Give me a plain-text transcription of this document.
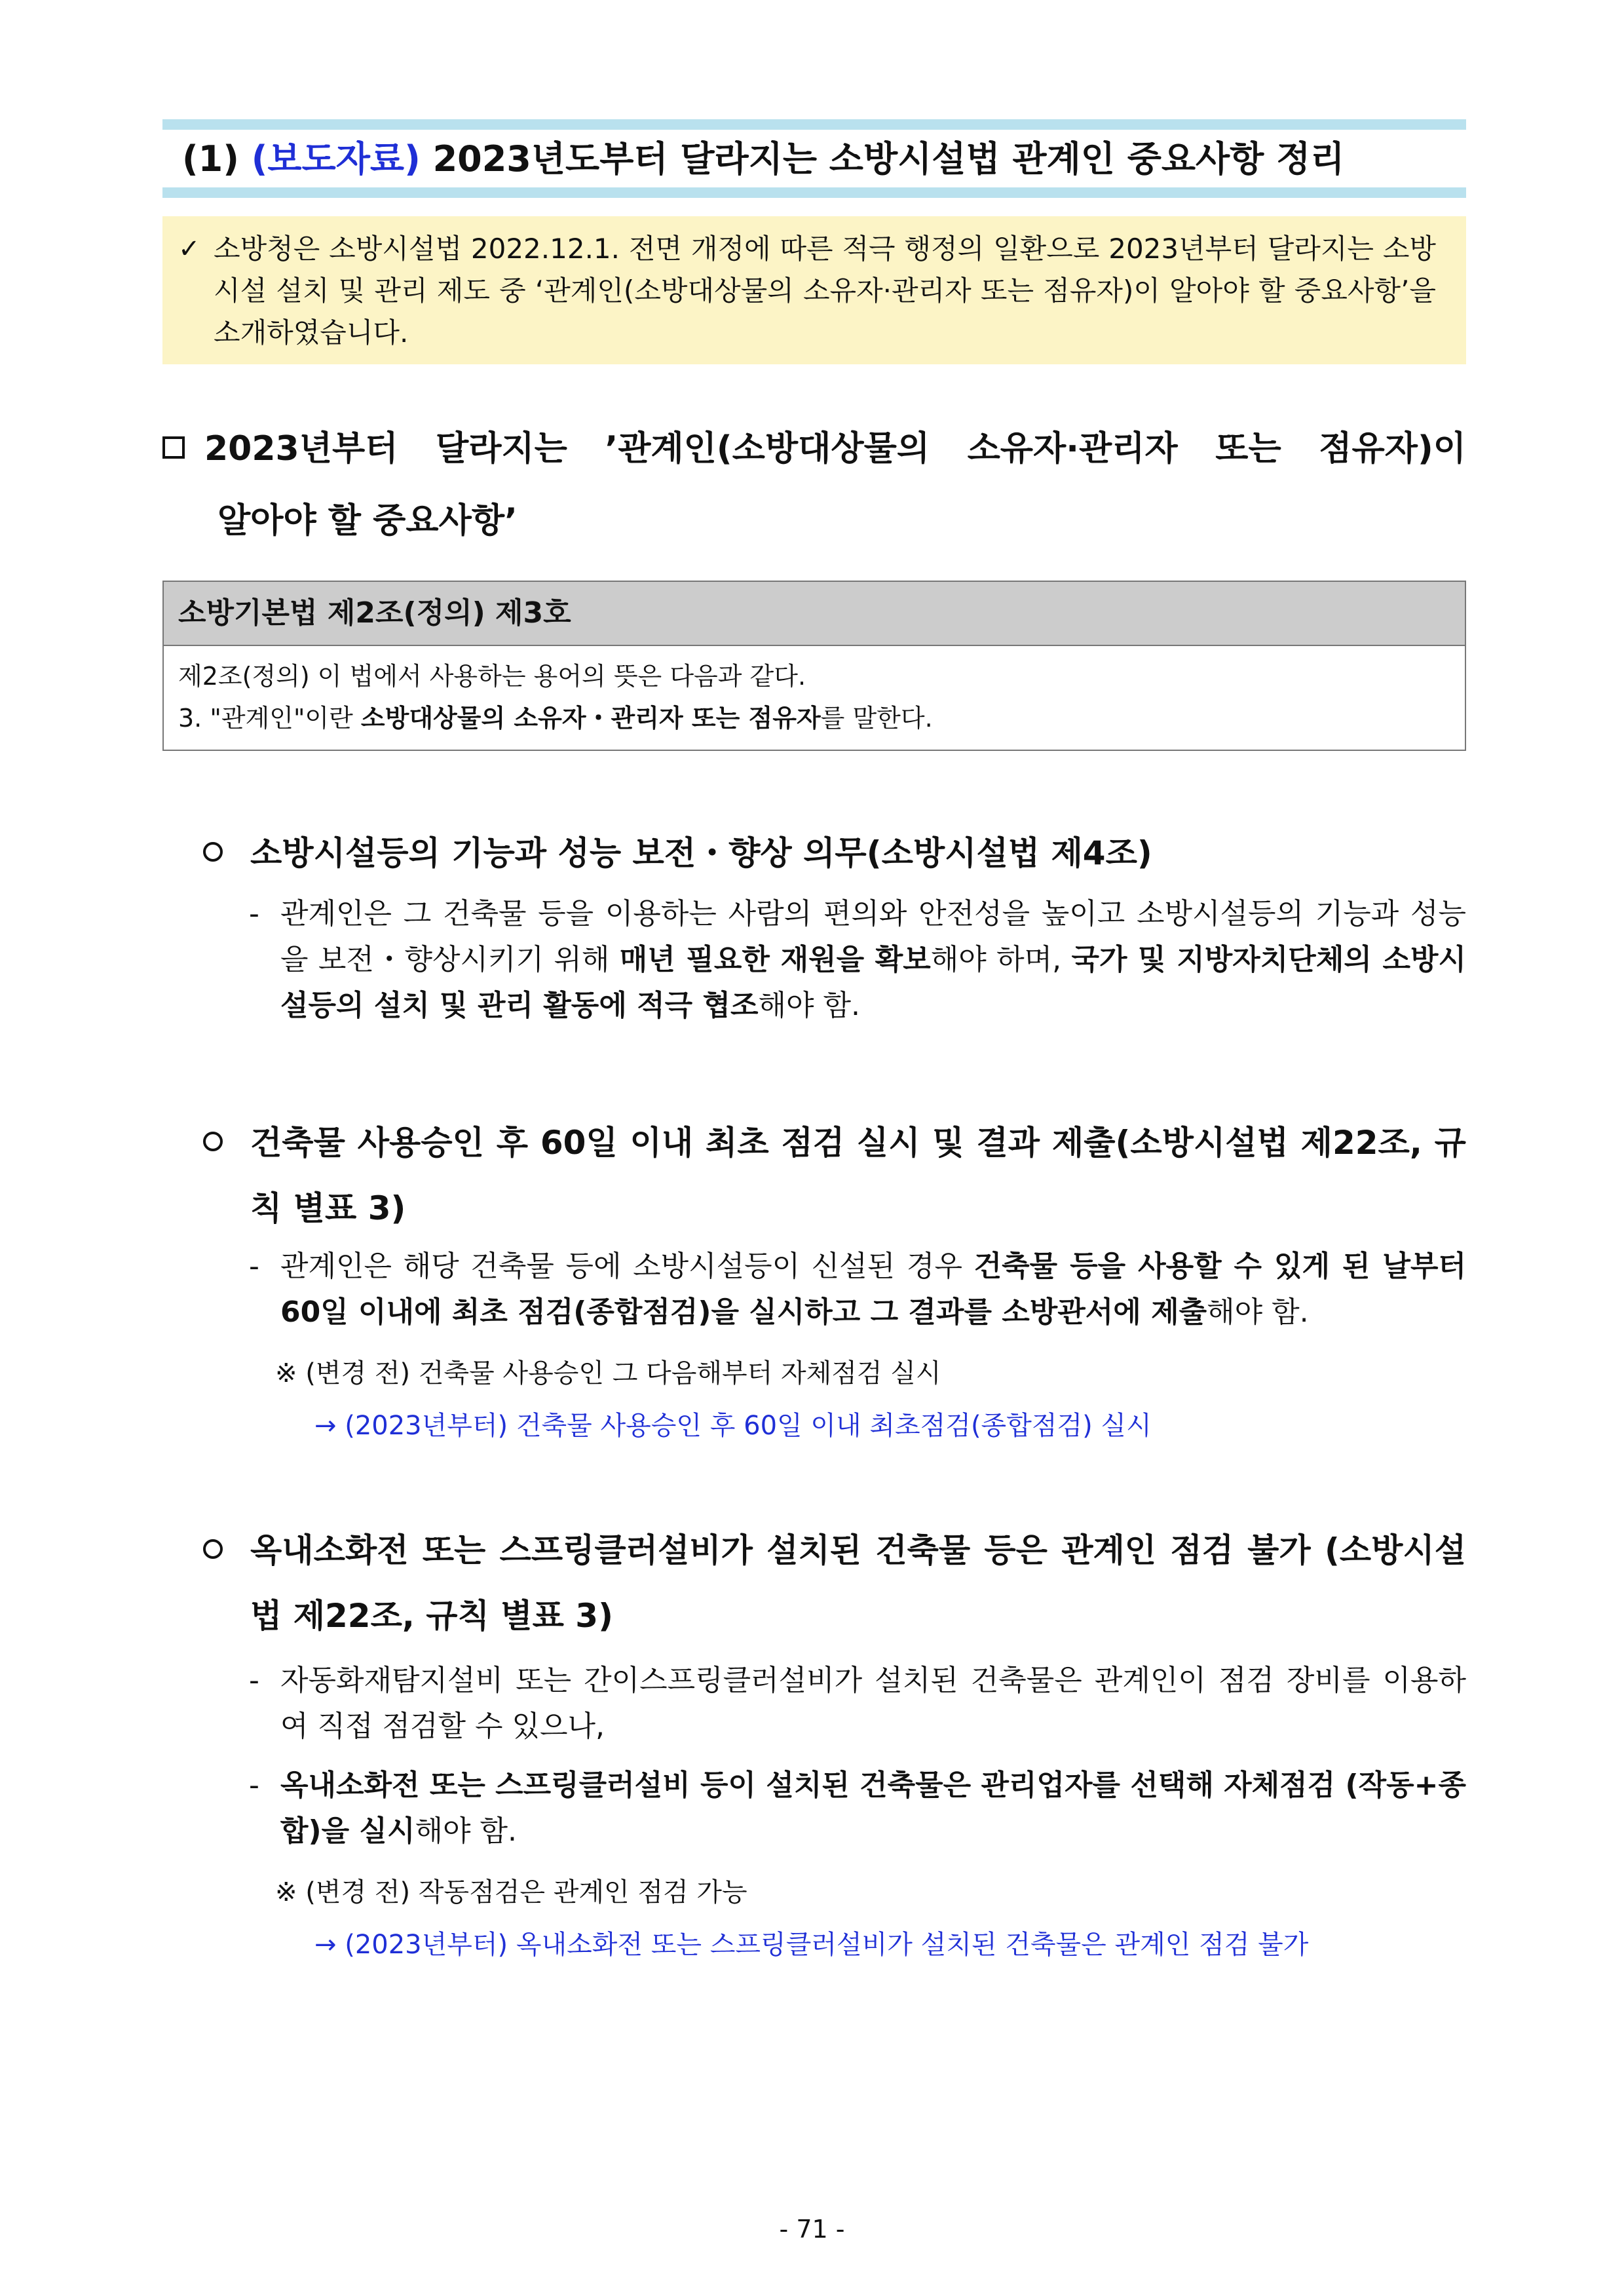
(1) (보도자료) 2023년도부터 달라지는 소방시설법 관계인 중요사항 정리
✓ 소방청은 소방시설법 2022.12.1. 전면 개정에 따른 적극 행정의 일환으로 2023년부터 달라지는 소방시설 설치 및 관리 제도 중 ‘관계인(소방대상물의 소유자·관리자 또는 점유자)이 알아야 할 중요사항’을 소개하였습니다.
2023년부터 달라지는 ’관계인(소방대상물의 소유자·관리자 또는 점유자)이
알아야 할 중요사항’
소방기본법 제2조(정의) 제3호
제2조(정의) 이 법에서 사용하는 용어의 뜻은 다음과 같다.
3. "관계인"이란 소방대상물의 소유자・관리자 또는 점유자를 말한다.
소방시설등의 기능과 성능 보전・향상 의무(소방시설법 제4조)
- 관계인은 그 건축물 등을 이용하는 사람의 편의와 안전성을 높이고 소방시설등의 기능과 성능을 보전・향상시키기 위해 매년 필요한 재원을 확보해야 하며, 국가 및 지방자치단체의 소방시설등의 설치 및 관리 활동에 적극 협조해야 함.
건축물 사용승인 후 60일 이내 최초 점검 실시 및 결과 제출(소방시설법 제22조, 규칙 별표 3)
- 관계인은 해당 건축물 등에 소방시설등이 신설된 경우 건축물 등을 사용할 수 있게 된 날부터 60일 이내에 최초 점검(종합점검)을 실시하고 그 결과를 소방관서에 제출해야 함.
※ (변경 전) 건축물 사용승인 그 다음해부터 자체점검 실시
→ (2023년부터) 건축물 사용승인 후 60일 이내 최초점검(종합점검) 실시
옥내소화전 또는 스프링클러설비가 설치된 건축물 등은 관계인 점검 불가 (소방시설법 제22조, 규칙 별표 3)
- 자동화재탐지설비 또는 간이스프링클러설비가 설치된 건축물은 관계인이 점검 장비를 이용하여 직접 점검할 수 있으나,
- 옥내소화전 또는 스프링클러설비 등이 설치된 건축물은 관리업자를 선택해 자체점검 (작동+종합)을 실시해야 함.
※ (변경 전) 작동점검은 관계인 점검 가능
→ (2023년부터) 옥내소화전 또는 스프링클러설비가 설치된 건축물은 관계인 점검 불가
- 71 -
